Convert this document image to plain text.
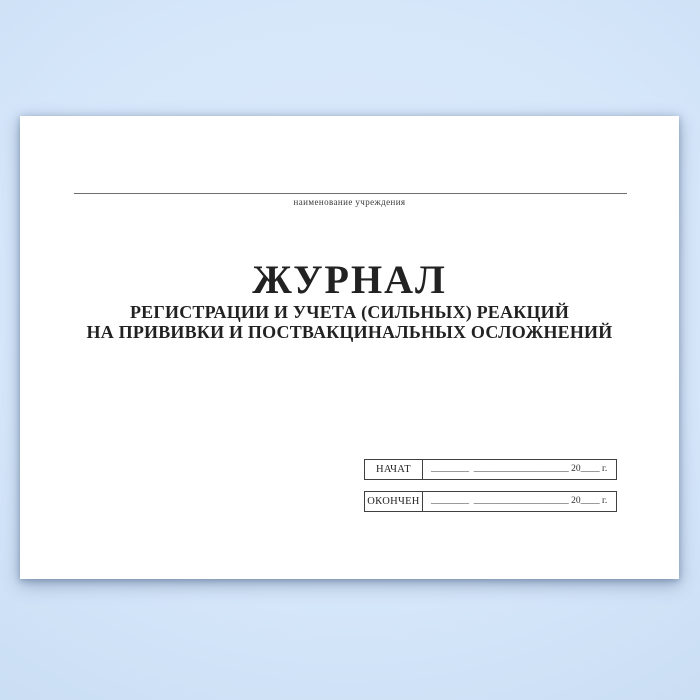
наименование учреждения
ЖУРНАЛ
РЕГИСТРАЦИИ И УЧЕТА (СИЛЬНЫХ) РЕАКЦИЙ
НА ПРИВИВКИ И ПОСТВАКЦИНАЛЬНЫХ ОСЛОЖНЕНИЙ
НАЧАТ	________  ____________________ 20____ г.
ОКОНЧЕН	________  ____________________ 20____ г.
